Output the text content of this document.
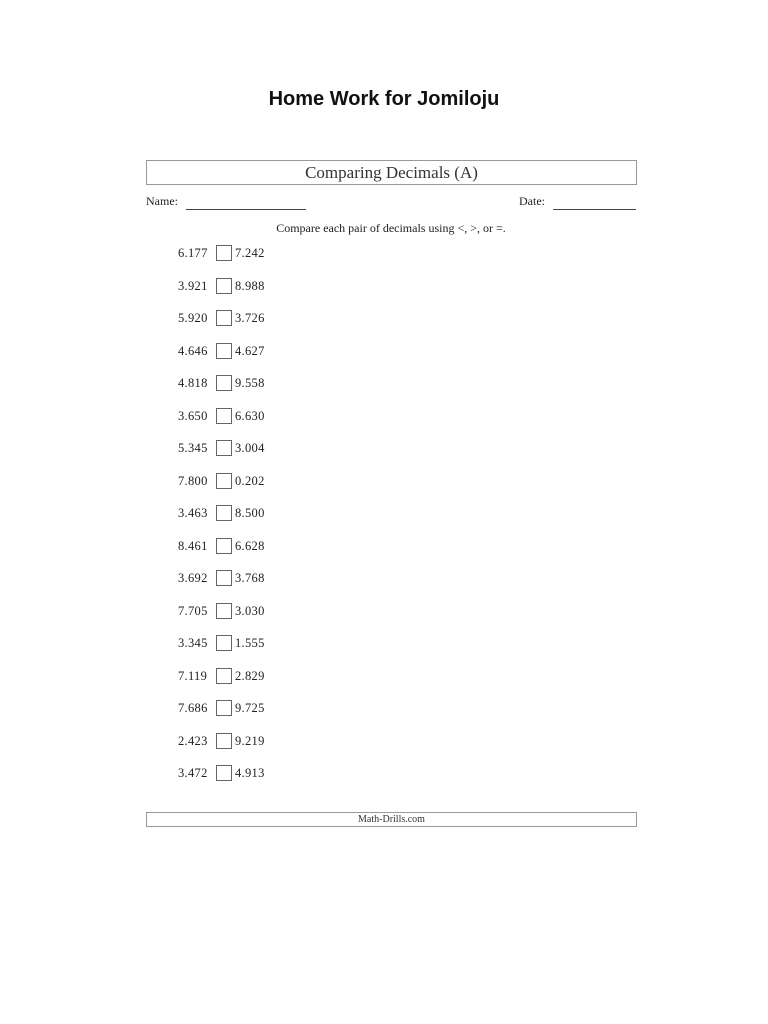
Home Work for Jomiloju
Comparing Decimals (A)
Name:	Date:
Compare each pair of decimals using <, >, or =.
6.177	7.242
3.921	8.988
5.920	3.726
4.646	4.627
4.818	9.558
3.650	6.630
5.345	3.004
7.800	0.202
3.463	8.500
8.461	6.628
3.692	3.768
7.705	3.030
3.345	1.555
7.119	2.829
7.686	9.725
2.423	9.219
3.472	4.913
Math-Drills.com
